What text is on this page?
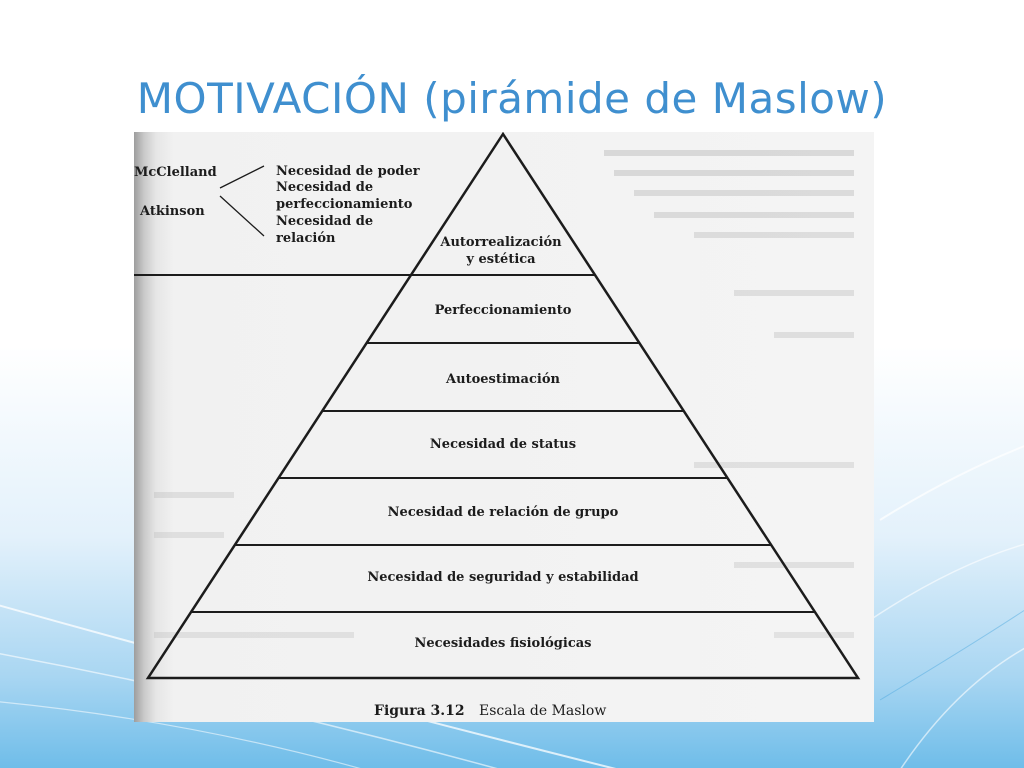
MOTIVACIÓN (pirámide de Maslow)
Autorrealización
y estética
Perfeccionamiento
Autoestimación
Necesidad de status
Necesidad de relación de grupo
Necesidad de seguridad y estabilidad
Necesidades fisiológicas
McClelland
Atkinson
Necesidad de poder
Necesidad de
perfeccionamiento
Necesidad de
relación
Figura 3.12 Escala de Maslow
